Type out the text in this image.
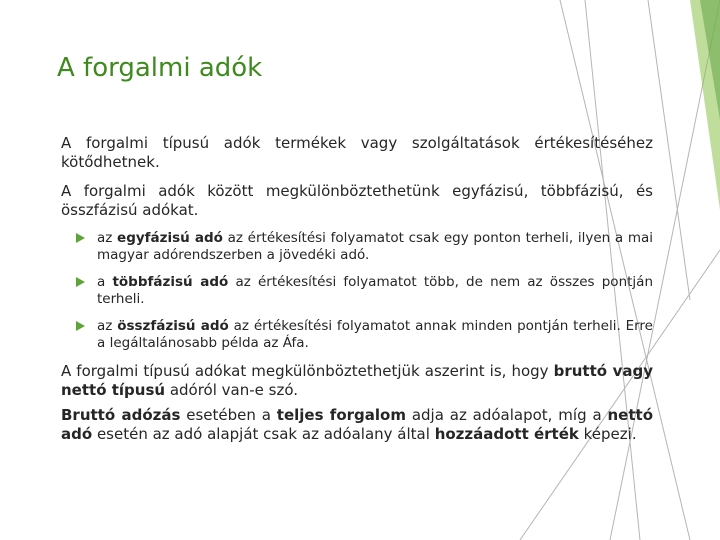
A forgalmi adók

A forgalmi típusú adók termékek vagy szolgáltatások értékesítéséhez kötődhetnek.

A forgalmi adók között megkülönböztethetünk egyfázisú, többfázisú, és összfázisú adókat.

az egyfázisú adó az értékesítési folyamatot csak egy ponton terheli, ilyen a mai magyar adórendszerben a jövedéki adó.
a többfázisú adó az értékesítési folyamatot több, de nem az összes pontján terheli.
az összfázisú adó az értékesítési folyamatot annak minden pontján terheli. Erre a legáltalánosabb példa az Áfa.

A forgalmi típusú adókat megkülönböztethetjük aszerint is, hogy bruttó vagy nettó típusú adóról van-e szó.

Bruttó adózás esetében a teljes forgalom adja az adóalapot, míg a nettó adó esetén az adó alapját csak az adóalany által hozzáadott érték képezi.
